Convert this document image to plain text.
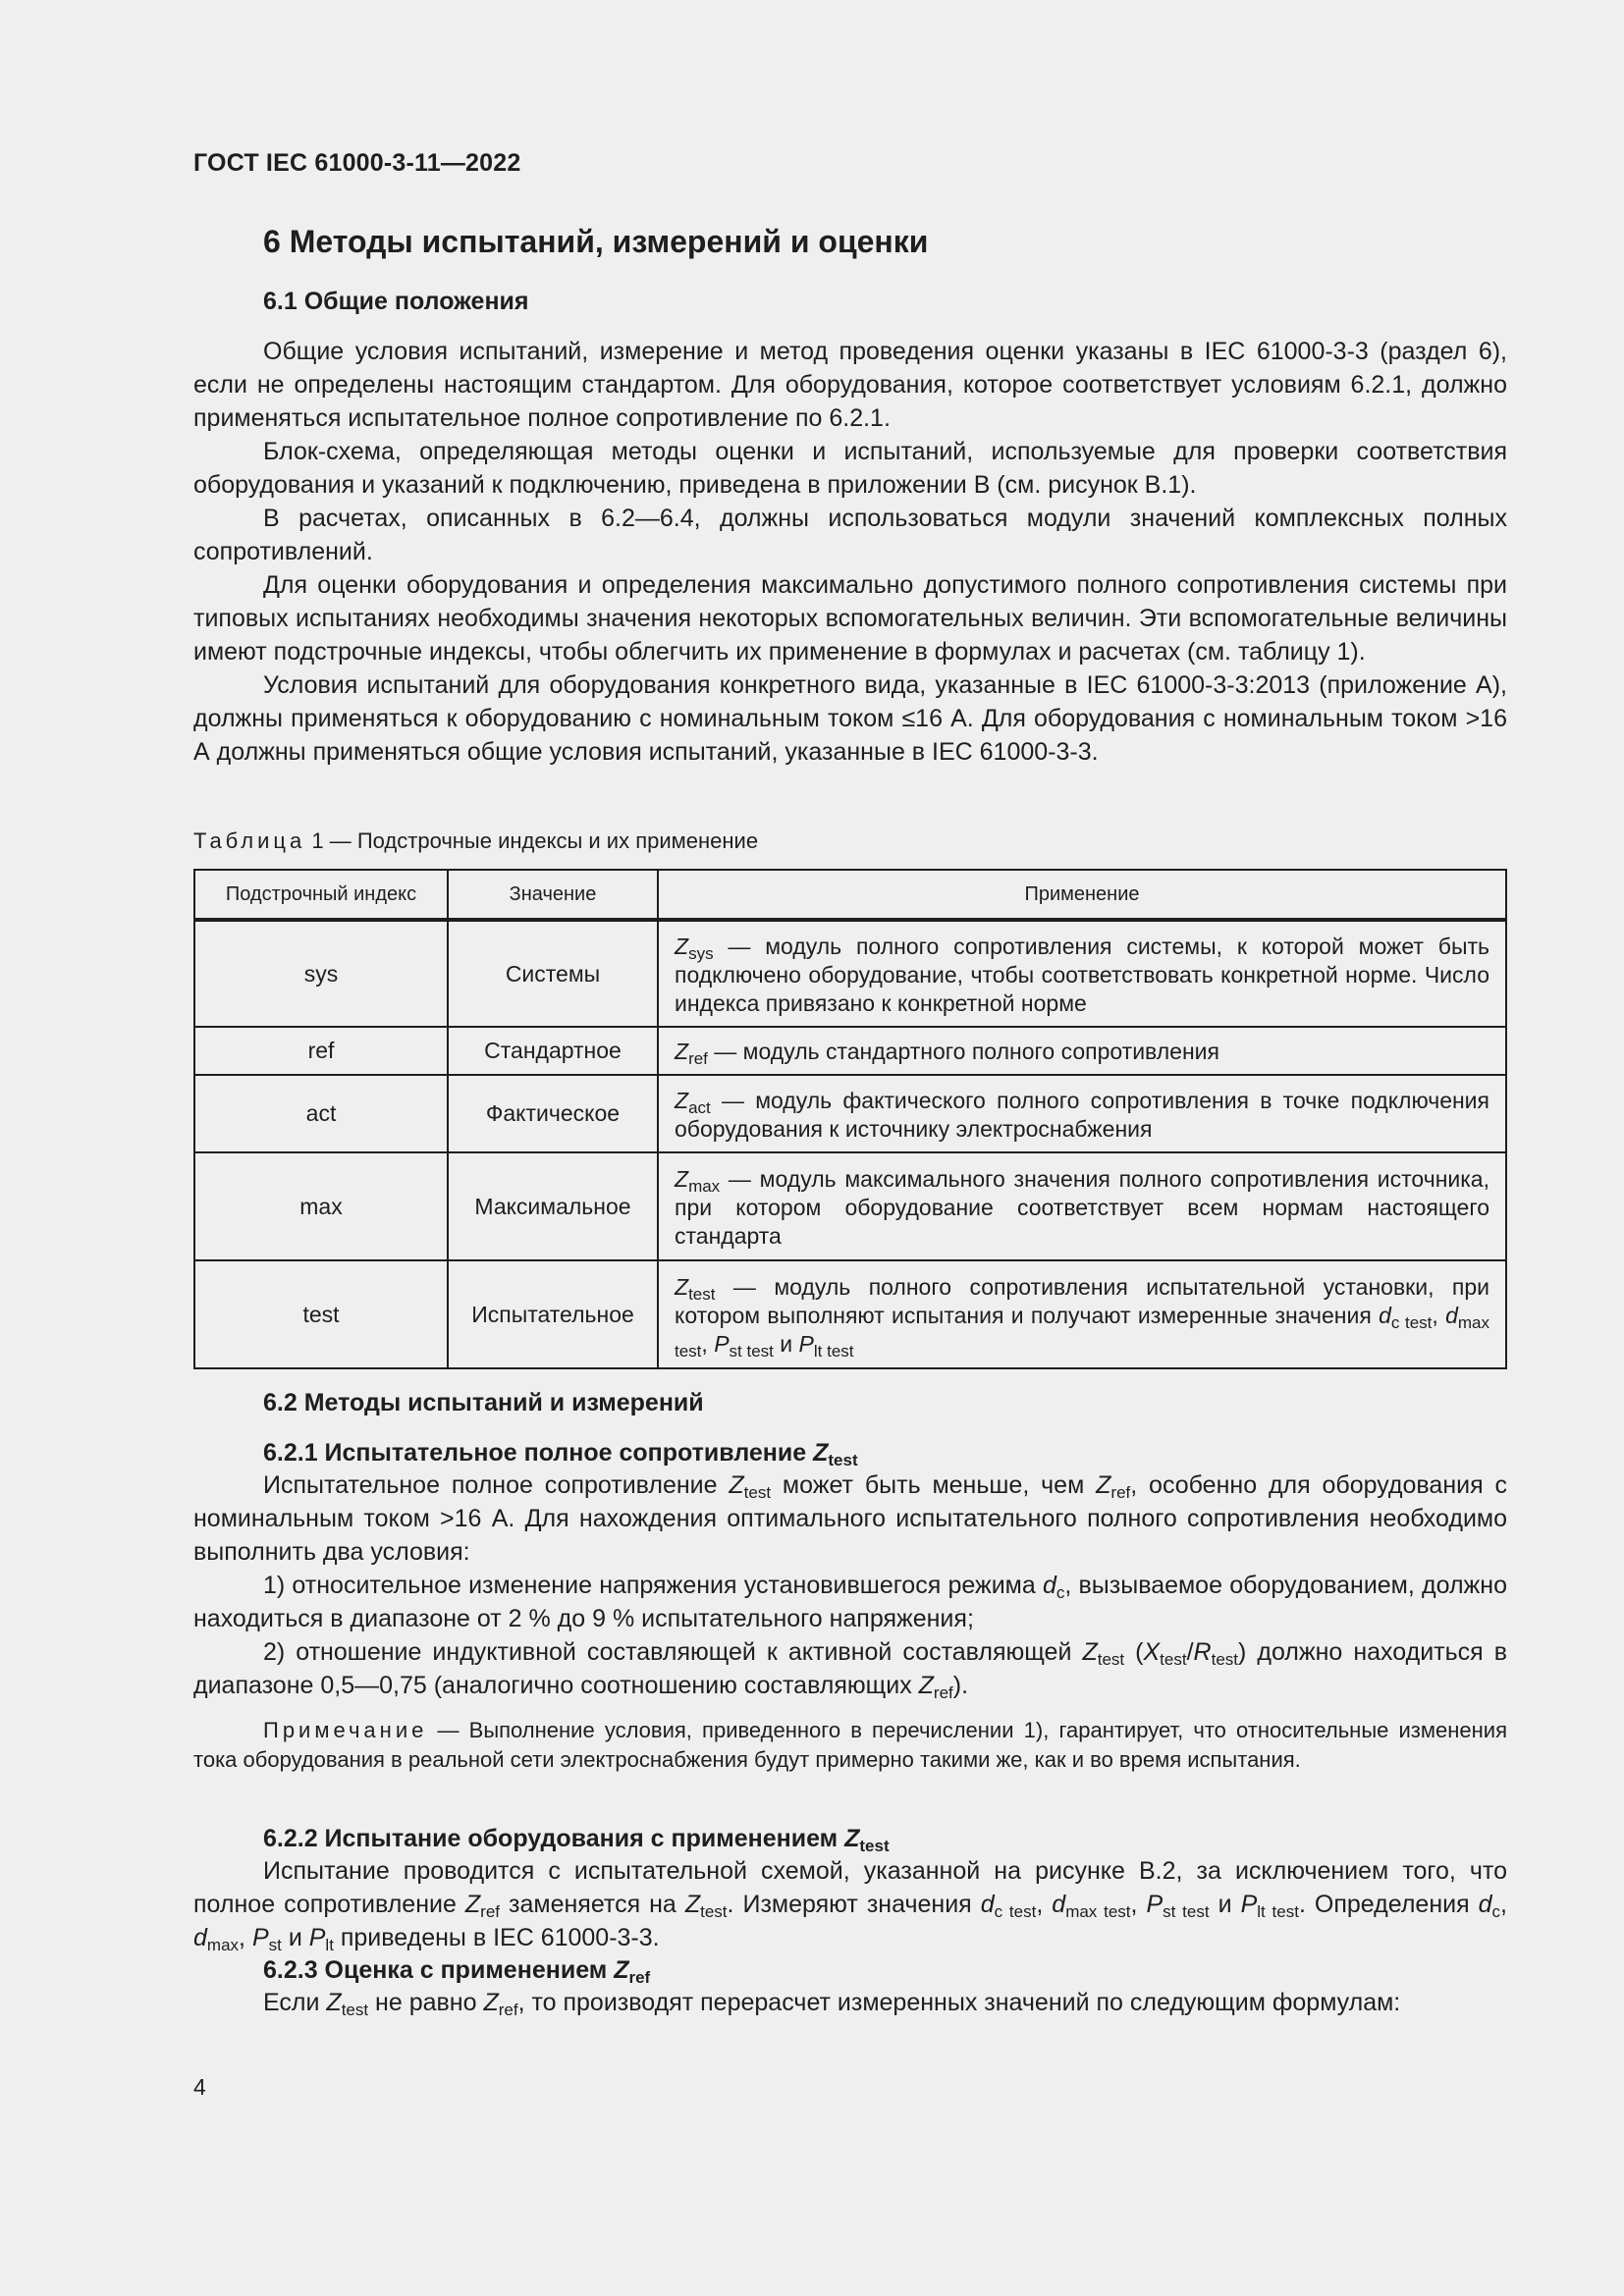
ГОСТ IEC 61000-3-11—2022
6 Методы испытаний, измерений и оценки
6.1 Общие положения

Общие условия испытаний, измерение и метод проведения оценки указаны в IEC 61000-3-3 (раздел 6), если не определены настоящим стандартом. Для оборудования, которое соответствует условиям 6.2.1, должно применяться испытательное полное сопротивление по 6.2.1.

Блок-схема, определяющая методы оценки и испытаний, используемые для проверки соответствия оборудования и указаний к подключению, приведена в приложении В (см. рисунок В.1).

В расчетах, описанных в 6.2—6.4, должны использоваться модули значений комплексных полных сопротивлений.

Для оценки оборудования и определения максимально допустимого полного сопротивления системы при типовых испытаниях необходимы значения некоторых вспомогательных величин. Эти вспомогательные величины имеют подстрочные индексы, чтобы облегчить их применение в формулах и расчетах (см. таблицу 1).

Условия испытаний для оборудования конкретного вида, указанные в IEC 61000-3-3:2013 (приложение А), должны применяться к оборудованию с номинальным током ≤16 А. Для оборудования с номинальным током >16 А должны применяться общие условия испытаний, указанные в IEC 61000-3-3.

Таблица 1 — Подстрочные индексы и их применение
Подстрочный индекс	Значение	Применение
sys	Системы	$Z_{sys}$ — модуль полного сопротивления системы, к которой может быть подключено оборудование, чтобы соответствовать конкретной норме. Число индекса привязано к конкретной норме
ref	Стандартное	$Z_{ref}$ — модуль стандартного полного сопротивления
act	Фактическое	$Z_{act}$ — модуль фактического полного сопротивления в точке подключения оборудования к источнику электроснабжения
max	Максимальное	$Z_{max}$ — модуль максимального значения полного сопротивления источника, при котором оборудование соответствует всем нормам настоящего стандарта
test	Испытательное	$Z_{test}$ — модуль полного сопротивления испытательной установки, при котором выполняют испытания и получают измеренные значения $d_{c test}$, $d_{max test}$, $P_{st test}$ и $P_{lt test}$
6.2 Методы испытаний и измерений
6.2.1 Испытательное полное сопротивление $Z_{test}$

Испытательное полное сопротивление $Z_{test}$ может быть меньше, чем $Z_{ref}$, особенно для оборудования с номинальным током >16 А. Для нахождения оптимального испытательного полного сопротивления необходимо выполнить два условия:

1) относительное изменение напряжения установившегося режима $d_c$, вызываемое оборудованием, должно находиться в диапазоне от 2 % до 9 % испытательного напряжения;

2) отношение индуктивной составляющей к активной составляющей $Z_{test}$ $(X_{test}/R_{test})$ должно находиться в диапазоне 0,5—0,75 (аналогично соотношению составляющих $Z_{ref}$).

Примечание — Выполнение условия, приведенного в перечислении 1), гарантирует, что относительные изменения тока оборудования в реальной сети электроснабжения будут примерно такими же, как и во время испытания.
6.2.2 Испытание оборудования с применением $Z_{test}$

Испытание проводится с испытательной схемой, указанной на рисунке В.2, за исключением того, что полное сопротивление $Z_{ref}$ заменяется на $Z_{test}$. Измеряют значения $d_{c test}$, $d_{max test}$, $P_{st test}$ и $P_{lt test}$. Определения $d_c$, $d_{max}$, $P_{st}$ и $P_{lt}$ приведены в IEC 61000-3-3.

6.2.3 Оценка с применением $Z_{ref}$

Если $Z_{test}$ не равно $Z_{ref}$, то производят перерасчет измеренных значений по следующим формулам:

4
